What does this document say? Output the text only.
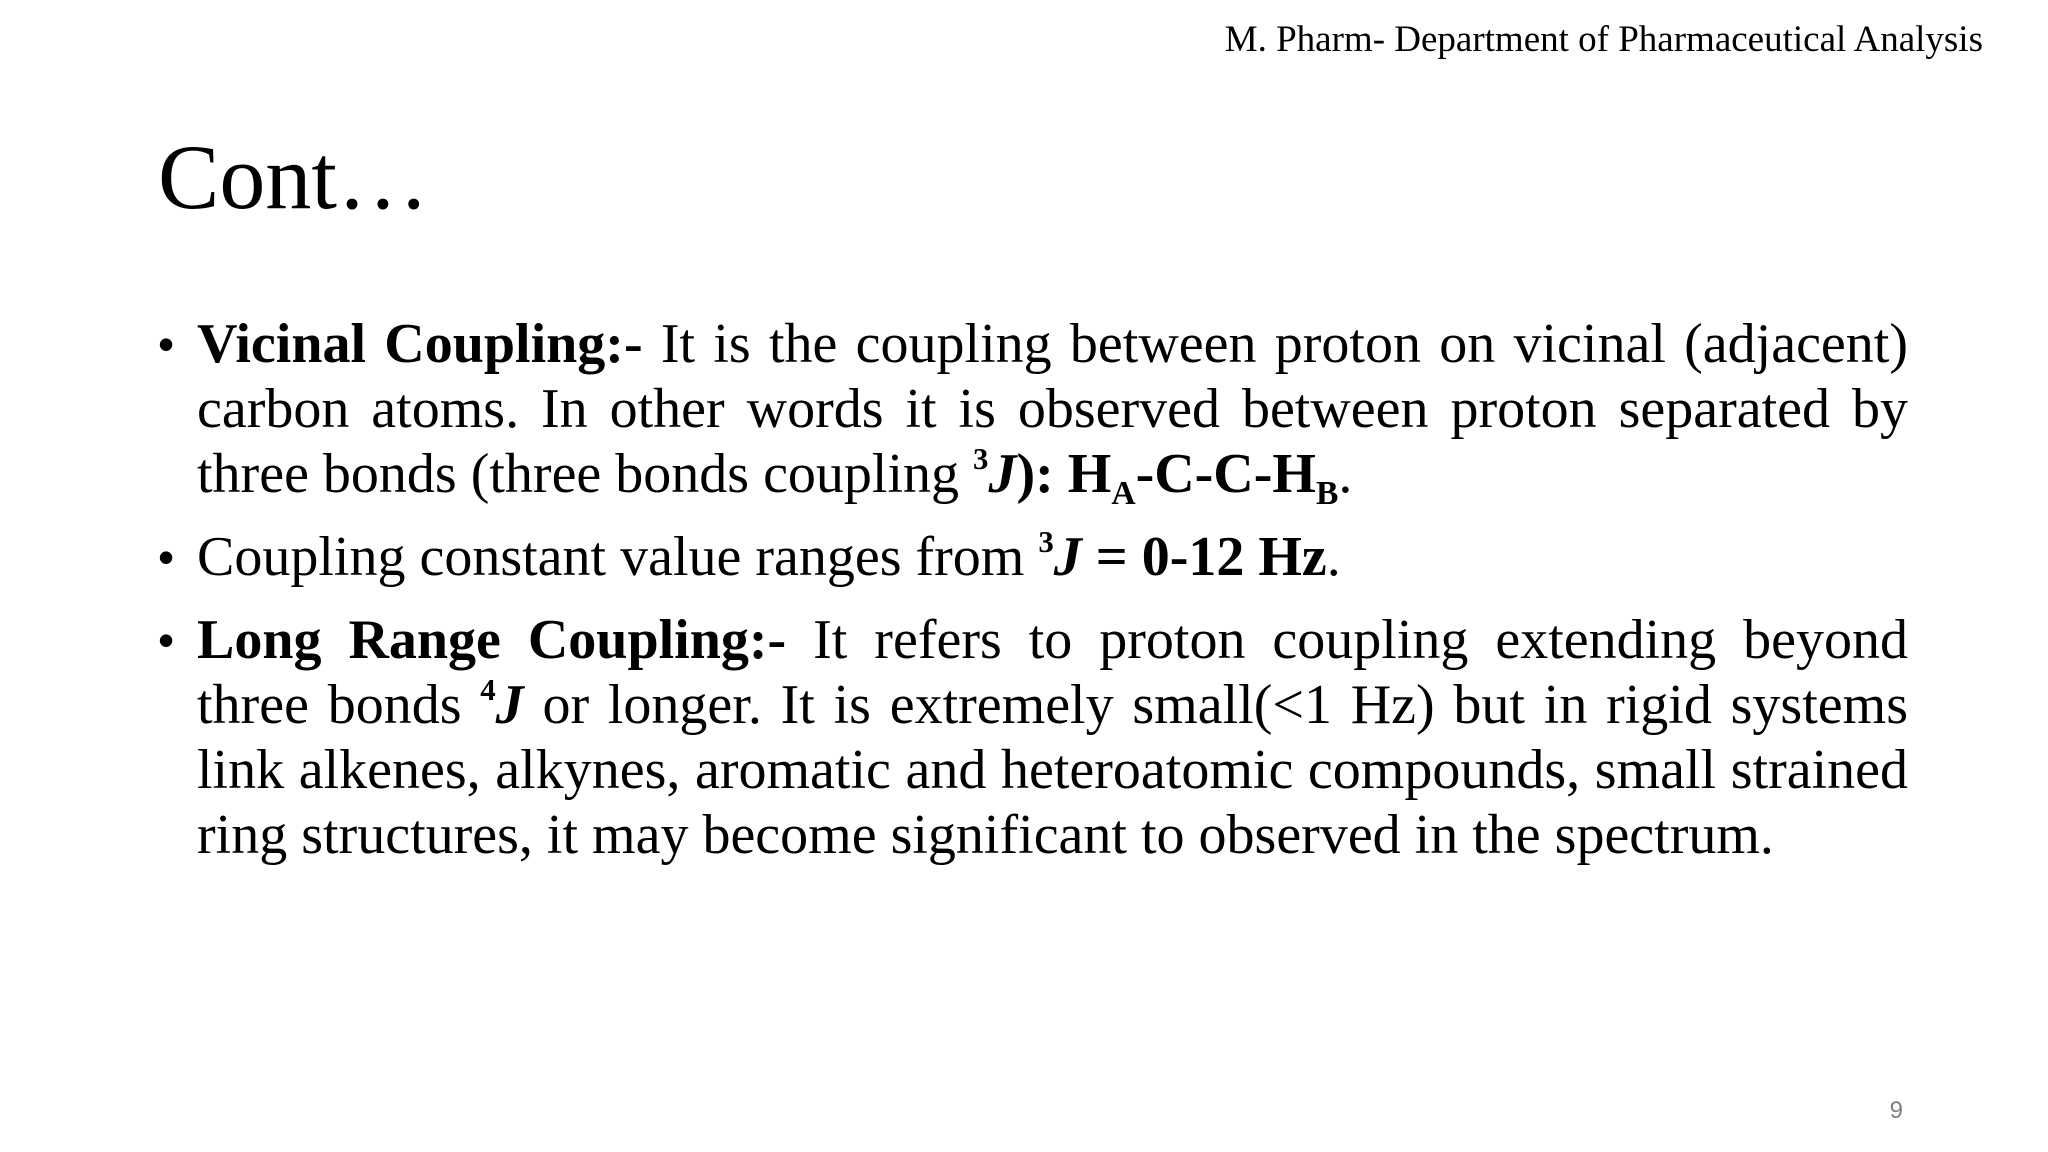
M. Pharm- Department of Pharmaceutical Analysis
Cont…
• Vicinal Coupling:- It is the coupling between proton on vicinal (adjacent) carbon atoms. In other words it is observed between proton separated by three bonds (three bonds coupling $^3$J): $H_A-C-C-H_B$.
• Coupling constant value ranges from $^3$J = 0-12 Hz.
• Long Range Coupling:- It refers to proton coupling extending beyond three bonds $^4$J or longer. It is extremely small(<1 Hz) but in rigid systems link alkenes, alkynes, aromatic and heteroatomic compounds, small strained ring structures, it may become significant to observed in the spectrum.
9
